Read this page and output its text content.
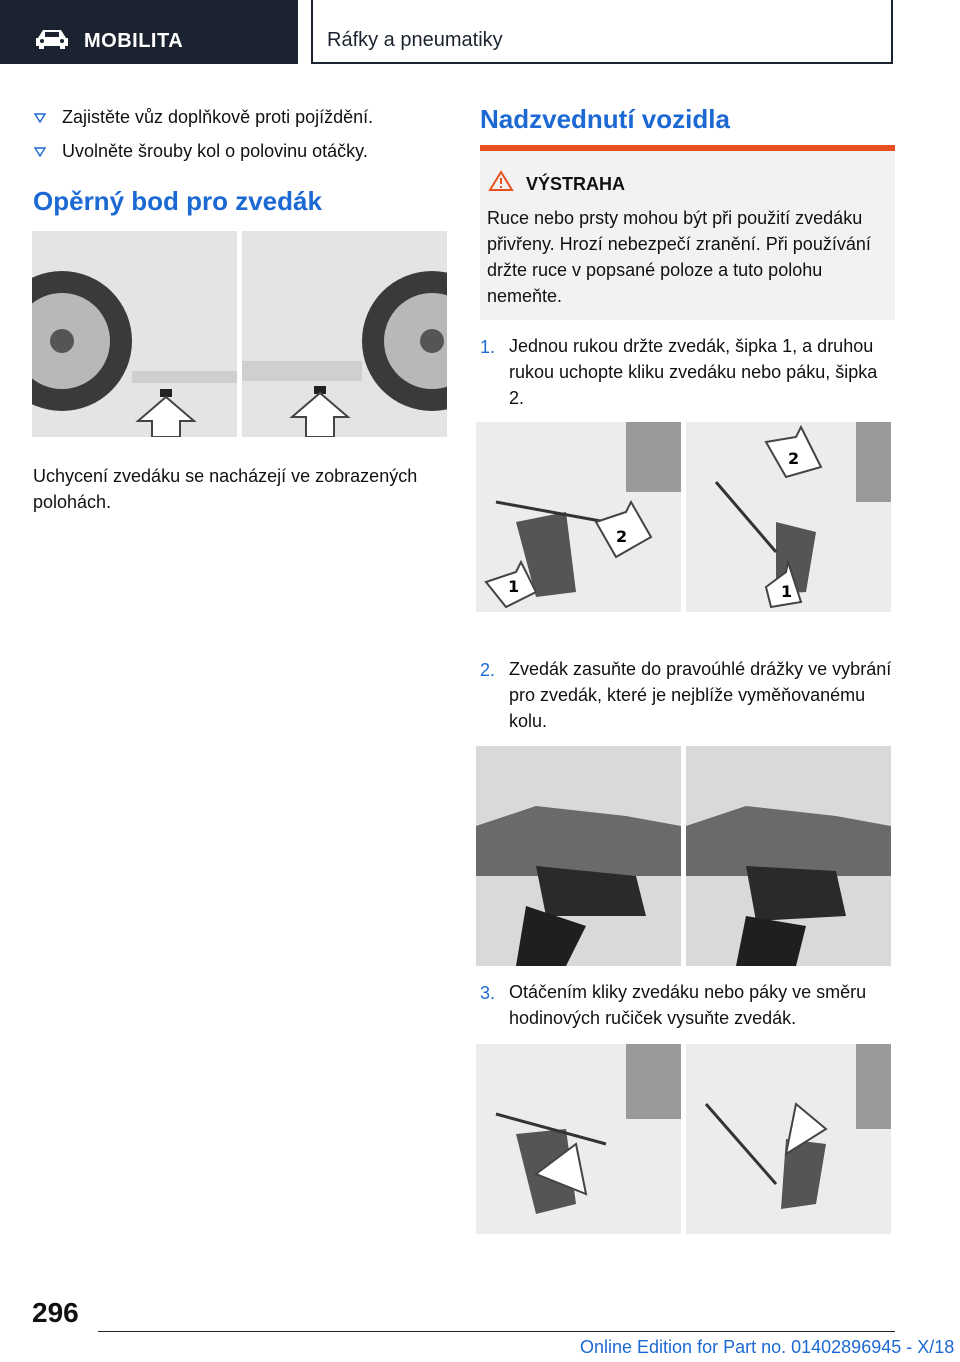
MOBILITA	Ráfky a pneumatiky
Zajistěte vůz doplňkově proti pojíždění.
Uvolněte šrouby kol o polovinu otáčky.
Opěrný bod pro zvedák
Uchycení zvedáku se nacházejí ve zobrazených polohách.
Nadzvednutí vozidla
VÝSTRAHA
Ruce nebo prsty mohou být při použití zvedáku přivřeny. Hrozí nebezpečí zranění. Při používání držte ruce v popsané poloze a tuto polohu nemeňte.
1. Jednou rukou držte zvedák, šipka 1, a druhou rukou uchopte kliku zvedáku nebo páku, šipka 2.
1
2
2
1
2. Zvedák zasuňte do pravoúhlé drážky ve vybrání pro zvedák, které je nejblíže vyměňovanému kolu.
3. Otáčením kliky zvedáku nebo páky ve směru hodinových ručiček vysuňte zvedák.
296
Online Edition for Part no. 01402896945 - X/18
